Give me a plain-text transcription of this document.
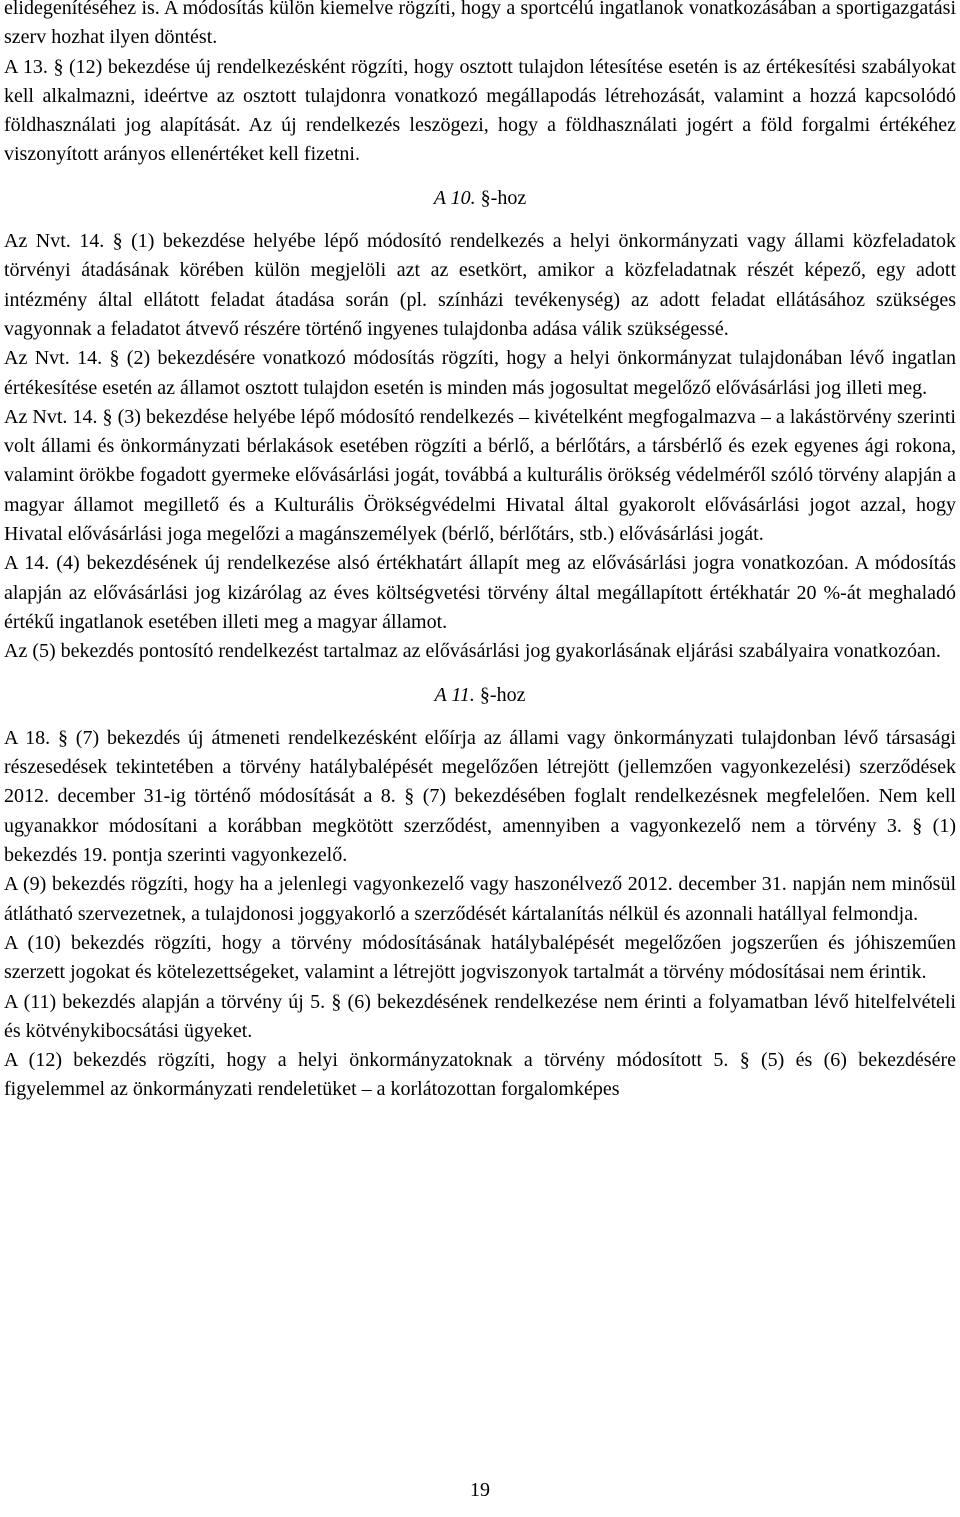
elidegenítéséhez is. A módosítás külön kiemelve rögzíti, hogy a sportcélú ingatlanok vonatkozásában a sportigazgatási szerv hozhat ilyen döntést.

A 13. § (12) bekezdése új rendelkezésként rögzíti, hogy osztott tulajdon létesítése esetén is az értékesítési szabályokat kell alkalmazni, ideértve az osztott tulajdonra vonatkozó megállapodás létrehozását, valamint a hozzá kapcsolódó földhasználati jog alapítását. Az új rendelkezés leszögezi, hogy a földhasználati jogért a föld forgalmi értékéhez viszonyított arányos ellenértéket kell fizetni.

A 10. §-hoz

Az Nvt. 14. § (1) bekezdése helyébe lépő módosító rendelkezés a helyi önkormányzati vagy állami közfeladatok törvényi átadásának körében külön megjelöli azt az esetkört, amikor a közfeladatnak részét képező, egy adott intézmény által ellátott feladat átadása során (pl. színházi tevékenység) az adott feladat ellátásához szükséges vagyonnak a feladatot átvevő részére történő ingyenes tulajdonba adása válik szükségessé.

Az Nvt. 14. § (2) bekezdésére vonatkozó módosítás rögzíti, hogy a helyi önkormányzat tulajdonában lévő ingatlan értékesítése esetén az államot osztott tulajdon esetén is minden más jogosultat megelőző elővásárlási jog illeti meg.

Az Nvt. 14. § (3) bekezdése helyébe lépő módosító rendelkezés – kivételként megfogalmazva – a lakástörvény szerinti volt állami és önkormányzati bérlakások esetében rögzíti a bérlő, a bérlőtárs, a társbérlő és ezek egyenes ági rokona, valamint örökbe fogadott gyermeke elővásárlási jogát, továbbá a kulturális örökség védelméről szóló törvény alapján a magyar államot megillető és a Kulturális Örökségvédelmi Hivatal által gyakorolt elővásárlási jogot azzal, hogy Hivatal elővásárlási joga megelőzi a magánszemélyek (bérlő, bérlőtárs, stb.) elővásárlási jogát.

A 14. (4) bekezdésének új rendelkezése alsó értékhatárt állapít meg az elővásárlási jogra vonatkozóan. A módosítás alapján az elővásárlási jog kizárólag az éves költségvetési törvény által megállapított értékhatár 20 %-át meghaladó értékű ingatlanok esetében illeti meg a magyar államot.

Az (5) bekezdés pontosító rendelkezést tartalmaz az elővásárlási jog gyakorlásának eljárási szabályaira vonatkozóan.

A 11. §-hoz

A 18. § (7) bekezdés új átmeneti rendelkezésként előírja az állami vagy önkormányzati tulajdonban lévő társasági részesedések tekintetében a törvény hatálybalépését megelőzően létrejött (jellemzően vagyonkezelési) szerződések 2012. december 31-ig történő módosítását a 8. § (7) bekezdésében foglalt rendelkezésnek megfelelően. Nem kell ugyanakkor módosítani a korábban megkötött szerződést, amennyiben a vagyonkezelő nem a törvény 3. § (1) bekezdés 19. pontja szerinti vagyonkezelő.

A (9) bekezdés rögzíti, hogy ha a jelenlegi vagyonkezelő vagy haszonélvező 2012. december 31. napján nem minősül átlátható szervezetnek, a tulajdonosi joggyakorló a szerződését kártalanítás nélkül és azonnali hatállyal felmondja.

A (10) bekezdés rögzíti, hogy a törvény módosításának hatálybalépését megelőzően jogszerűen és jóhiszeműen szerzett jogokat és kötelezettségeket, valamint a létrejött jogviszonyok tartalmát a törvény módosításai nem érintik.

A (11) bekezdés alapján a törvény új 5. § (6) bekezdésének rendelkezése nem érinti a folyamatban lévő hitelfelvételi és kötvénykibocsátási ügyeket.

A (12) bekezdés rögzíti, hogy a helyi önkormányzatoknak a törvény módosított 5. § (5) és (6) bekezdésére figyelemmel az önkormányzati rendeletüket – a korlátozottan forgalomképes

19
